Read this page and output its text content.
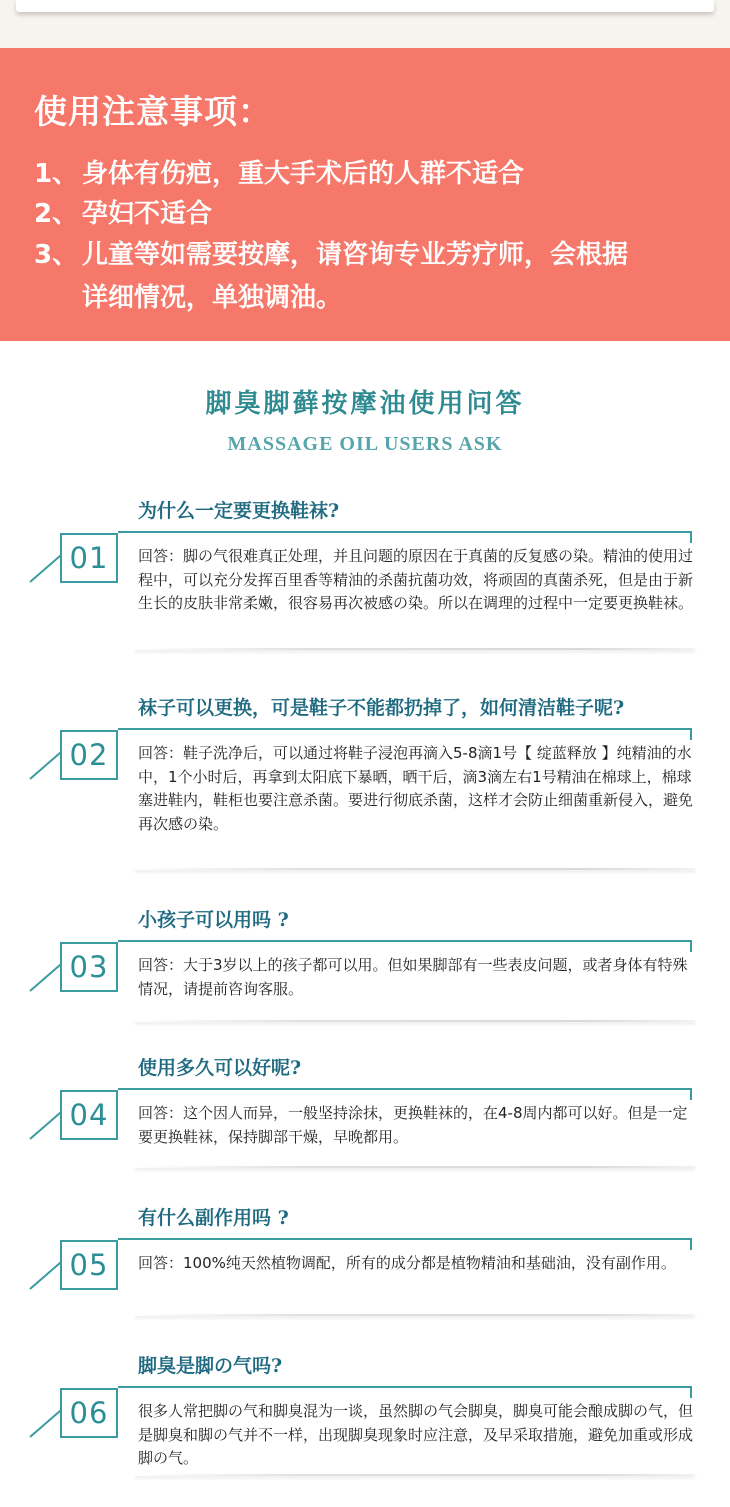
使用注意事项：
1、 身体有伤疤，重大手术后的人群不适合
2、 孕妇不适合
3、 儿童等如需要按摩，请咨询专业芳疗师，会根据
详细情况，单独调油。
脚臭脚藓按摩油使用问答
MASSAGE OIL USERS ASK
为什么一定要更换鞋袜?
01	回答：脚の气很难真正处理，并且问题的原因在于真菌的反复感の染。精油的使用过程中，可以充分发挥百里香等精油的杀菌抗菌功效，将顽固的真菌杀死，但是由于新生长的皮肤非常柔嫩，很容易再次被感の染。所以在调理的过程中一定要更换鞋袜。
袜子可以更换，可是鞋子不能都扔掉了，如何清洁鞋子呢?
02	回答：鞋子洗净后，可以通过将鞋子浸泡再滴入5-8滴1号【 绽蓝释放 】纯精油的水中，1个小时后，再拿到太阳底下暴晒，晒干后，滴3滴左右1号精油在棉球上，棉球塞进鞋内，鞋柜也要注意杀菌。要进行彻底杀菌，这样才会防止细菌重新侵入，避免再次感の染。
小孩子可以用吗 ?
03	回答：大于3岁以上的孩子都可以用。但如果脚部有一些表皮问题，或者身体有特殊情况，请提前咨询客服。
使用多久可以好呢?
04	回答：这个因人而异，一般坚持涂抹，更换鞋袜的，在4-8周内都可以好。但是一定要更换鞋袜，保持脚部干燥，早晚都用。
有什么副作用吗 ?
05	回答：100%纯天然植物调配，所有的成分都是植物精油和基础油，没有副作用。
脚臭是脚の气吗?
06	很多人常把脚の气和脚臭混为一谈，虽然脚の气会脚臭，脚臭可能会酿成脚の气，但是脚臭和脚の气并不一样，出现脚臭现象时应注意，及早采取措施，避免加重或形成脚の气。
